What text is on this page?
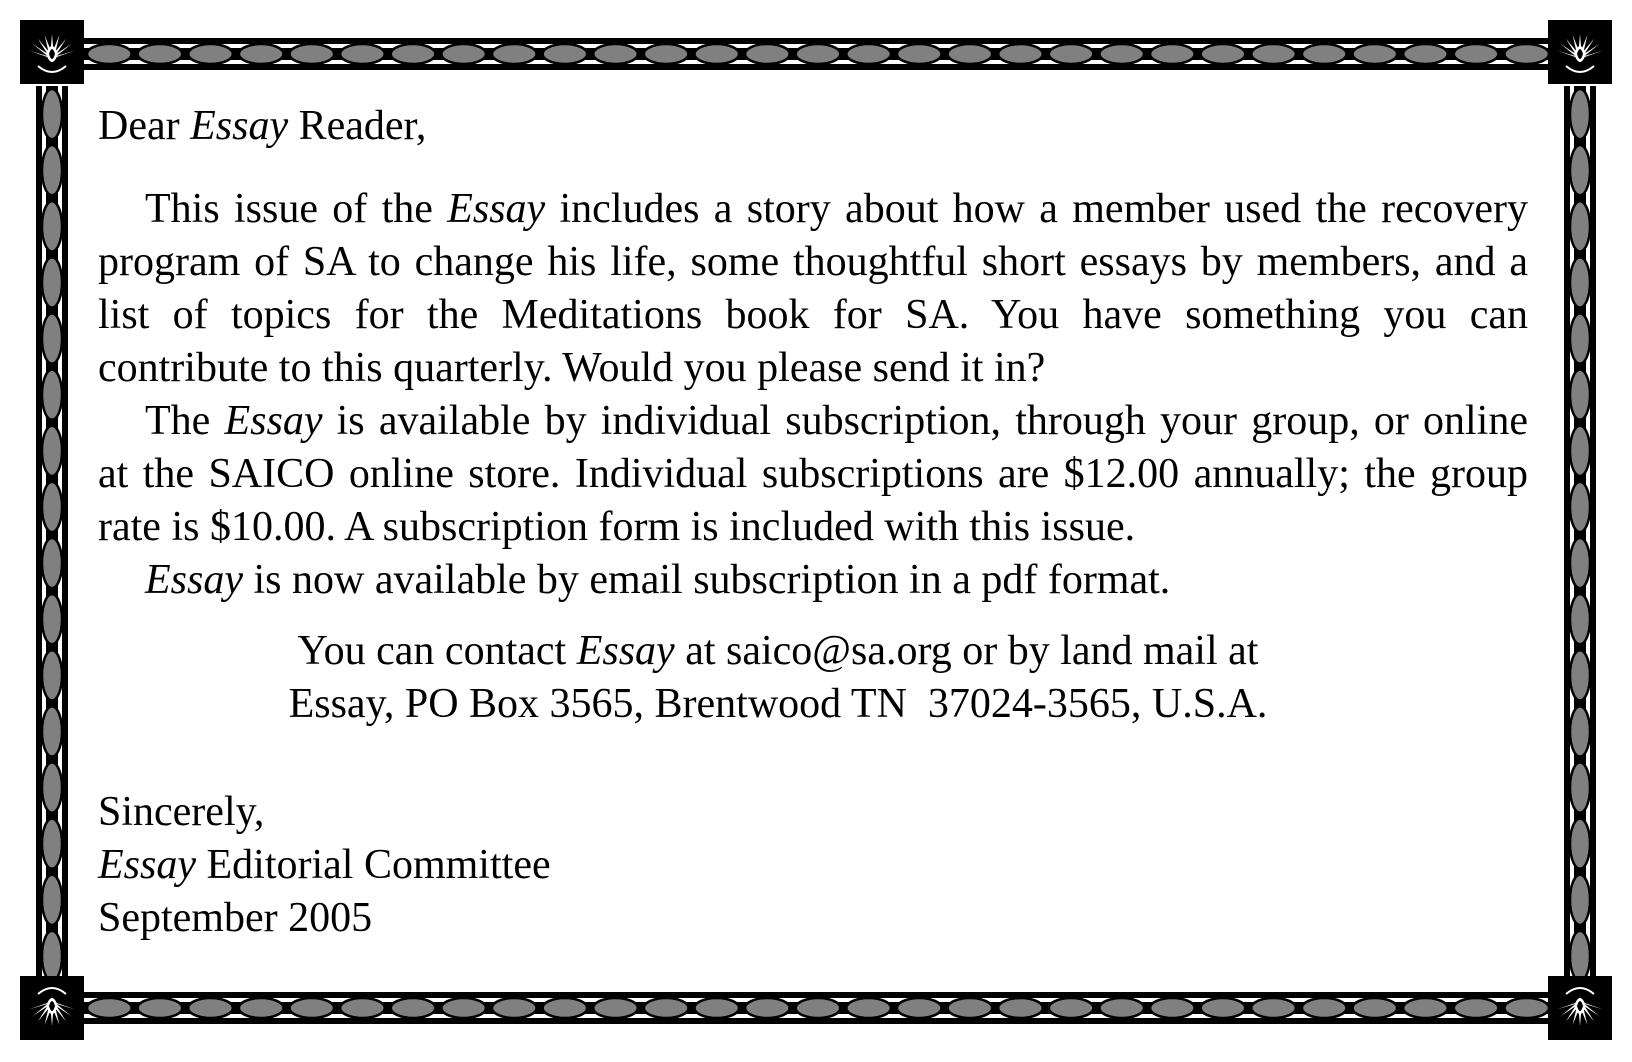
Dear Essay Reader,

This issue of the Essay includes a story about how a member used the recovery program of SA to change his life, some thoughtful short essays by members, and a list of topics for the Meditations book for SA. You have something you can contribute to this quarterly. Would you please send it in?

The Essay is available by individual subscription, through your group, or online at the SAICO online store. Individual subscriptions are $12.00 annually; the group rate is $10.00. A subscription form is included with this issue.

Essay is now available by email subscription in a pdf format.

You can contact Essay at saico@sa.org or by land mail at
Essay, PO Box 3565, Brentwood TN  37024-3565, U.S.A.

Sincerely,
Essay Editorial Committee
September 2005
